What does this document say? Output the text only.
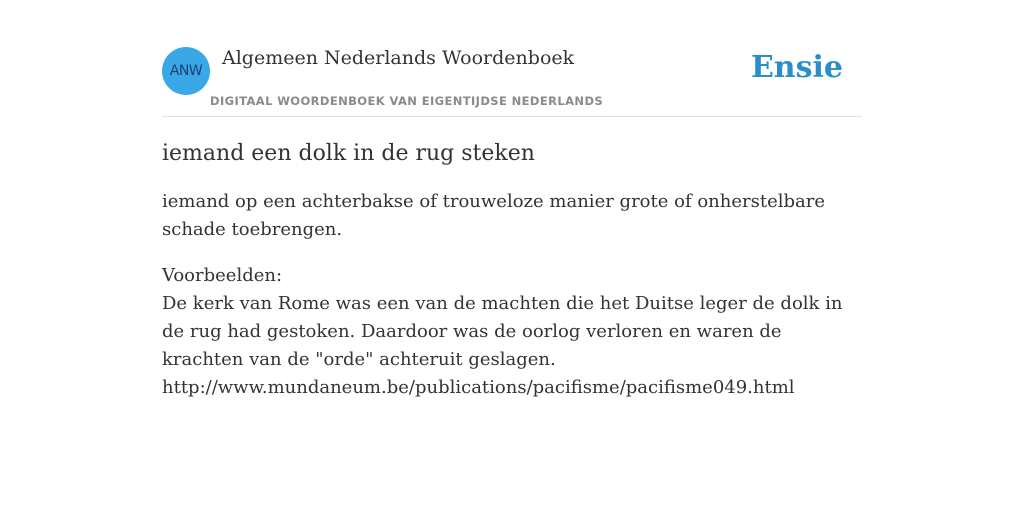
ANW
Algemeen Nederlands Woordenboek
DIGITAAL WOORDENBOEK VAN EIGENTIJDSE NEDERLANDS
Ensie
iemand een dolk in de rug steken

iemand op een achterbakse of trouweloze manier grote of onherstelbare schade toebrengen.

Voorbeelden:

De kerk van Rome was een van de machten die het Duitse leger de dolk in de rug had gestoken. Daardoor was de oorlog verloren en waren de krachten van de "orde" achteruit geslagen.

http://www.mundaneum.be/publications/pacifisme/pacifisme049.html
